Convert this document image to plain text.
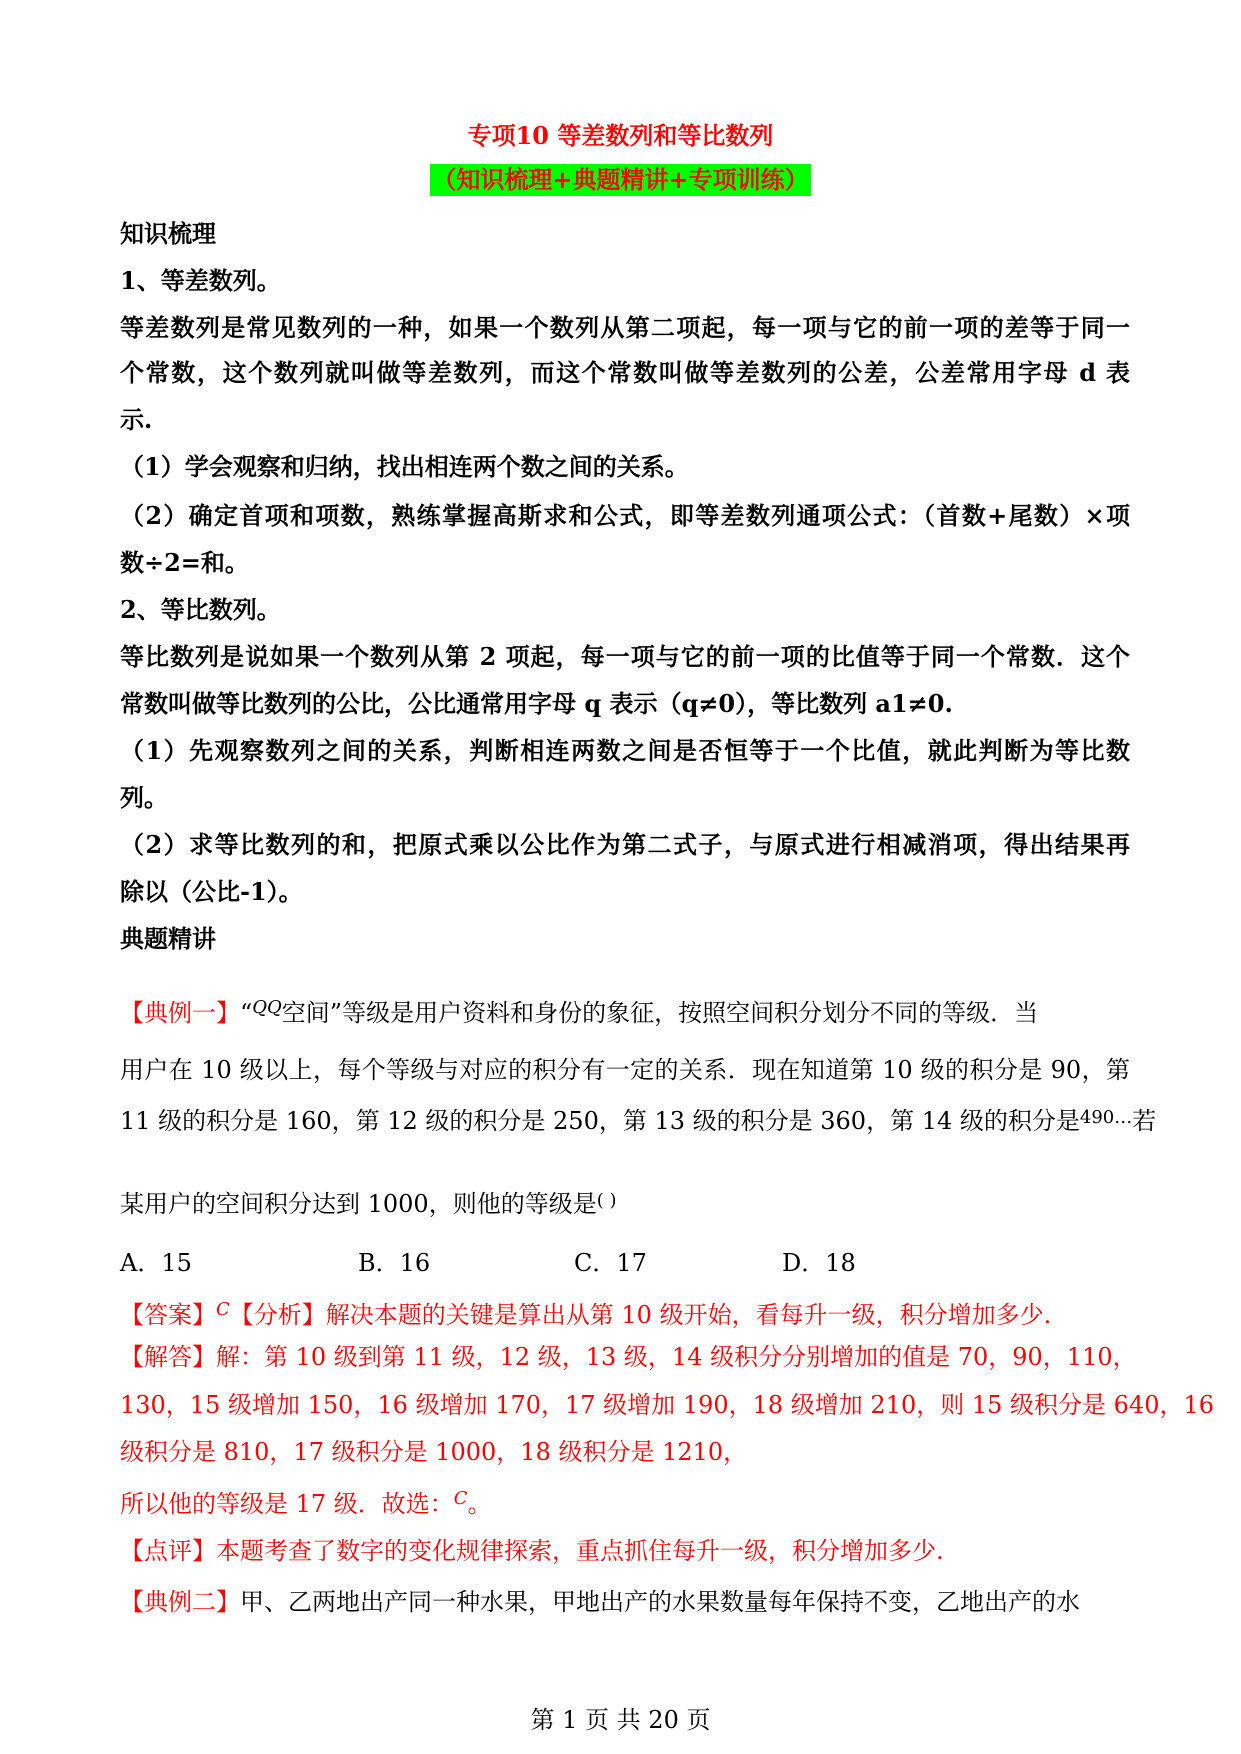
专项10 等差数列和等比数列
（知识梳理+典题精讲+专项训练）
知识梳理
1、等差数列。
等差数列是常见数列的一种，如果一个数列从第二项起，每一项与它的前一项的差等于同一
个常数，这个数列就叫做等差数列，而这个常数叫做等差数列的公差，公差常用字母 d 表
示.
（1）学会观察和归纳，找出相连两个数之间的关系。
（2）确定首项和项数，熟练掌握高斯求和公式，即等差数列通项公式：（首数+尾数）×项
数÷2=和。
2、等比数列。
等比数列是说如果一个数列从第 2 项起，每一项与它的前一项的比值等于同一个常数．这个
常数叫做等比数列的公比，公比通常用字母 q 表示（q≠0），等比数列 a1≠0.
（1）先观察数列之间的关系，判断相连两数之间是否恒等于一个比值，就此判断为等比数
列。
（2）求等比数列的和，把原式乘以公比作为第二式子，与原式进行相减消项，得出结果再
除以（公比-1）。
典题精讲
【典例一】“$^{QQ}$空间”等级是用户资料和身份的象征，按照空间积分划分不同的等级．当
用户在 10 级以上，每个等级与对应的积分有一定的关系．现在知道第 10 级的积分是 90，第
11 级的积分是 160，第 12 级的积分是 250，第 13 级的积分是 360，第 14 级的积分是$^{490\dots}$若
某用户的空间积分达到 1000，则他的等级是( )
A．15	B．16	C．17	D．18
【答案】$^C$【分析】解决本题的关键是算出从第 10 级开始，看每升一级，积分增加多少.
【解答】解：第 10 级到第 11 级，12 级，13 级，14 级积分分别增加的值是 70，90，110，
130，15 级增加 150，16 级增加 170，17 级增加 190，18 级增加 210，则 15 级积分是 640，16
级积分是 810，17 级积分是 1000，18 级积分是 1210，
所以他的等级是 17 级．故选：$^C$。
【点评】本题考查了数字的变化规律探索，重点抓住每升一级，积分增加多少.
【典例二】甲、乙两地出产同一种水果，甲地出产的水果数量每年保持不变，乙地出产的水
第 1 页 共 20 页
